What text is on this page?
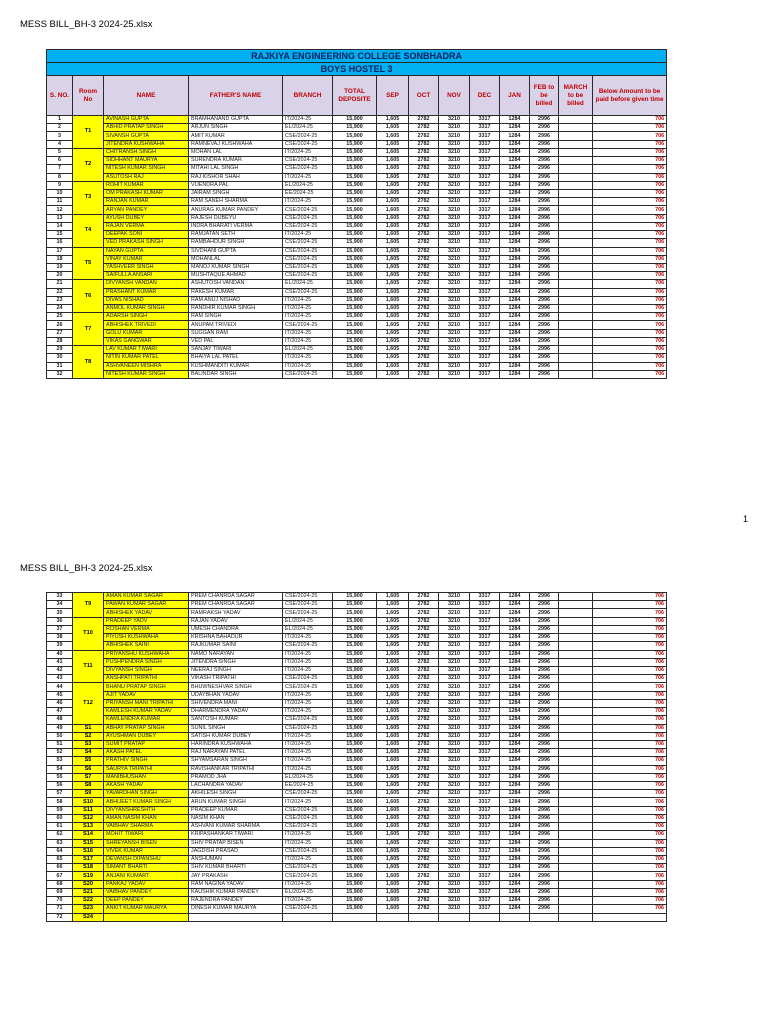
MESS BILL_BH-3 2024-25.xlsx
RAJKIYA ENGINEERING COLLEGE SONBHADRA													
BOYS HOSTEL 3													
S. NO.	Room No	NAME	FATHER'S NAME	BRANCH	TOTAL DEPOSITE	SEP	OCT	NOV	DEC	JAN	FEB to be billed	MARCH to be billed	Below Amount to be paid before given time
1	T1	AVINASH GUPTA	BRAMHANAND GUPTA	IT/2024-25	15,900	1,605	2782	3210	3317	1284	2996		706
2		ABHID PRATAP SINGH	ARJUN SINGH	EL/2024-25	15,900	1,605	2782	3210	3317	1284	2996		706
3		SIVANSH GUPTA	AMIT KUMAR	CSE/2024-25	15,900	1,605	2782	3210	3317	1284	2996		706
4		JITENDRA KUSHWAHA	RAMNEVAJ KUSHWAHA	CSE/2024-25	15,900	1,605	2782	3210	3317	1284	2996		706
5	T2	CHITRANSH SINGH	MOHAN LAL	IT/2024-25	15,900	1,605	2782	3210	3317	1284	2996		706
6		SIDHHANT MAURYA	SURENDRA KUMAR	CSE/2024-25	15,900	1,605	2782	3210	3317	1284	2996		706
7		NITESH KUMAR SINGH	MITAHI LAL SINGH	CSE/2024-25	15,900	1,605	2782	3210	3317	1284	2996		706
8		ASUTOSH RAJ	RAJ KISHOR SHAH	IT/2024-25	15,900	1,605	2782	3210	3317	1284	2996		706
9	T3	ROHIT KUMAR	VIJENDRA PAL	EL/2024-25	15,900	1,605	2782	3210	3317	1284	2996		706
10		OM PRAKASH KUMAR	JAIRAM SINGH	EE/2024-25	15,900	1,605	2782	3210	3317	1284	2996		706
11		RANJAN KUMAR	RAM SANEH SHARMA	IT/2024-25	15,900	1,605	2782	3210	3317	1284	2996		706
12		ARYAN PANDEY	ANURAG KUMAR PANDEY	CSE/2024-25	15,900	1,605	2782	3210	3317	1284	2996		706
13	T4	AYUSH DUBEY	RAJESH DUBEYU	CSE/2024-25	15,900	1,605	2782	3210	3317	1284	2996		706
14		RAJAN VERMA	INDRA BHARATI VERMA	CSE/2024-25	15,900	1,605	2782	3210	3317	1284	2996		706
15		DEEPAK SONI	RAMJATAN SETH	IT/2024-25	15,900	1,605	2782	3210	3317	1284	2996		706
16		VED PRAKASH SINGH	RAMBAHDUR SINGH	CSE/2024-25	15,900	1,605	2782	3210	3317	1284	2996		706
17	T5	NAYAN GUPTA	SIVDHANI GUPTA	CSE/2024-25	15,900	1,605	2782	3210	3317	1284	2996		706
18		VINAY KUMAR	MOHANLAL	CSE/2024-25	15,900	1,605	2782	3210	3317	1284	2996		706
19		YASHVEER SINGH	MANOJ KUMAR SINGH	CSE/2024-25	15,900	1,605	2782	3210	3317	1284	2996		706
20		SAIFULLA ANSARI	MUSHTAQUE AHMAD	CSE/2024-25	15,900	1,605	2782	3210	3317	1284	2996		706
21	T6	DIVYANSH VANDAN	ASHUTOSH VANDAN	EL/2024-25	15,900	1,605	2782	3210	3317	1284	2996		706
22		PRASHANT KUMAR	RAKESH KUMAR	CSE/2024-25	15,900	1,605	2782	3210	3317	1284	2996		706
23		DIVAS NISHAD	RAM ANUJ NISHAD	IT/2024-25	15,900	1,605	2782	3210	3317	1284	2996		706
24		ANMOL KUMAR SINGH	RANDHIR KUMAR SINGH	IT/2024-25	15,900	1,605	2782	3210	3317	1284	2996		706
25	T7	ADARSH SINGH	RAM SINGH	IT/2024-25	15,900	1,605	2782	3210	3317	1284	2996		706
26		ABHISHEK TRIVEDI	ANUPAM TRIVEDI	CSE/2024-25	15,900	1,605	2782	3210	3317	1284	2996		706
27		GOLU KUMAR	SUGGAN RAM	IT/2024-25	15,900	1,605	2782	3210	3317	1284	2996		706
28		VIKAS GANGWAR	VED PAL	IT/2024-25	15,900	1,605	2782	3210	3317	1284	2996		706
29	T8	LAV KUMAR TIWARI	SANJAY TIWARI	EL/2024-25	15,900	1,605	2782	3210	3317	1284	2996		706
30		NITIN KUMAR PATEL	BHAIYA LAL PATEL	IT/2024-25	15,900	1,605	2782	3210	3317	1284	2996		706
31		ASHVANEEN MISHRA	KUSHMANDITI KUMAR	IT/2024-25	15,900	1,605	2782	3210	3317	1284	2996		706
32		NITESH KUMAR SINGH	BALINDAR SINGH	CSE/2024-25	15,900	1,605	2782	3210	3317	1284	2996		706
1
MESS BILL_BH-3 2024-25.xlsx
33	T9	AMAN KUMAR SAGAR	PREM CHANRDA SAGAR	CSE/2024-25	15,900	1,605	2782	3210	3317	1284	2996		706
34		PAWAN KUMAR SAGAR	PREM CHANRDA SAGAR	CSE/2024-25	15,900	1,605	2782	3210	3317	1284	2996		706
35		ABHISHEK YADAV	RAMRAKSH YADAV	CSE/2024-25	15,900	1,605	2782	3210	3317	1284	2996		706
36	T10	PRADEEP YADV	RAJAN YADAV	EL/2024-25	15,900	1,605	2782	3210	3317	1284	2996		706
37		ROSHAN VERMA	UMESH CHANDRA	EL/2024-25	15,900	1,605	2782	3210	3317	1284	2996		706
38		PIYUSH KUSHWAHA	KRISHNA BAHADUR	IT/2024-25	15,900	1,605	2782	3210	3317	1284	2996		706
39		ABHISHEK SAINI	RAJKUMAR SAINI	CSE/2024-25	15,900	1,605	2782	3210	3317	1284	2996		706
40	T11	PRIYANSHU KUSHWAHA	NAMO NARAYAN	IT/2024-25	15,900	1,605	2782	3210	3317	1284	2996		706
41		PUSHPENDRA SINGH	JITENDRA SINGH	IT/2024-25	15,900	1,605	2782	3210	3317	1284	2996		706
42		DIVYANSH SINGH	NEERAJ SINGH	IT/2024-25	15,900	1,605	2782	3210	3317	1284	2996		706
43		ANSHPATI TRIPATHI	VIKASH TRIPATHI	CSE/2024-25	15,900	1,605	2782	3210	3317	1284	2996		706
44	T12	BHANU PRATAP SINGH	BHUWNESHVAR SINGH	CSE/2024-25	15,900	1,605	2782	3210	3317	1284	2996		706
45		AJIT YADAV	UDAYBHAN YADAV	IT/2024-25	15,900	1,605	2782	3210	3317	1284	2996		706
46		PRIYANSH MANI TRIPATHI	SHIVENDRA MANI	IT/2024-25	15,900	1,605	2782	3210	3317	1284	2996		706
47		KAMLESH KUMAR YADAV	DHARMENDRA YADAV	IT/2024-25	15,900	1,605	2782	3210	3317	1284	2996		706
48		KAMLENDRA KUMAR	SANTOSH KUMAR	CSE/2024-25	15,900	1,605	2782	3210	3317	1284	2996		706
49	S1	ABHAY PRATAP SINGH	SUNIL SINGH	CSE/2024-25	15,900	1,605	2782	3210	3317	1284	2996		706
50	S2	AYUSHMAN DUBEY	SATISH KUMAR DUBEY	IT/2024-25	15,900	1,605	2782	3210	3317	1284	2996		706
51	S3	SUMIT PRATAP	HARINDRA KUSHWAHA	IT/2024-25	15,900	1,605	2782	3210	3317	1284	2996		706
52	S4	AKASH PATEL	RAJ NARAYAN PATEL	IT/2024-25	15,900	1,605	2782	3210	3317	1284	2996		706
53	S5	PRATHIV SINGH	SHYAMSARAN SINGH	IT/2024-25	15,900	1,605	2782	3210	3317	1284	2996		706
54	S6	SAURYA TRIPATHI	RAVISHANKAR TRIPATHI	IT/2024-25	15,900	1,605	2782	3210	3317	1284	2996		706
55	S7	MANIBHUSHAN	PRAMOD JHA	EL/2024-25	15,900	1,605	2782	3210	3317	1284	2996		706
56	S8	AKASH YADAV	LACHANDRA YADAV	EE/2024-25	15,900	1,605	2782	3210	3317	1284	2996		706
57	S9	YAVARDHAN SINGH	AKHILESH SINGH	CSE/2024-25	15,900	1,605	2782	3210	3317	1284	2996		706
58	S10	ABHIJEET KUMAR SINGH	ARUN KUMAR SINGH	IT/2024-25	15,900	1,605	2782	3210	3317	1284	2996		706
59	S11	DIVYANSHRESHTH	PRADEEP KUMAR	CSE/2024-25	15,900	1,605	2782	3210	3317	1284	2996		706
60	S12	AMAN NASIM KHAN	NASIM KHAN	CSE/2024-25	15,900	1,605	2782	3210	3317	1284	2996		706
61	S13	VAIBHAV SHARMA	ASHVANI KUMAR SHARMA	CSE/2024-25	15,900	1,605	2782	3210	3317	1284	2996		706
62	S14	MOHIT TIWARI	KRIPASHANKAR TIWARI	IT/2024-25	15,900	1,605	2782	3210	3317	1284	2996		706
63	S15	SHREYANSH BISEN	SHIV PRATAP BISEN	IT/2024-25	15,900	1,605	2782	3210	3317	1284	2996		706
64	S16	VIVEK KUMAR	JAGDISH PRASAD	CSE/2024-25	15,900	1,605	2782	3210	3317	1284	2996		706
65	S17	DEVANSH DIPANSHU	ANSHUMAN	IT/2024-25	15,900	1,605	2782	3210	3317	1284	2996		706
66	S18	SIMANT BHARTI	SHIV KUMAR BHARTI	CSE/2024-25	15,900	1,605	2782	3210	3317	1284	2996		706
67	S19	ANJANI KUMART	JAY PRAKASH	CSE/2024-25	15,900	1,605	2782	3210	3317	1284	2996		706
68	S20	PANKAJ YADAV	RAM NAGINA YADAV	IT/2024-25	15,900	1,605	2782	3210	3317	1284	2996		706
69	S21	VAIBHAV PANDEY	KAUSHIK KUMAR PANDEY	EL/2024-25	15,900	1,605	2782	3210	3317	1284	2996		706
70	S22	DEEP PANDEY	RAJENDRA PANDEY	IT/2024-25	15,900	1,605	2782	3210	3317	1284	2996		706
71	S23	ANKIT KUMAR MAURYA	DINESH KUMAR MAURYA	CSE/2024-25	15,900	1,605	2782	3210	3317	1284	2996		706
72	S24												
